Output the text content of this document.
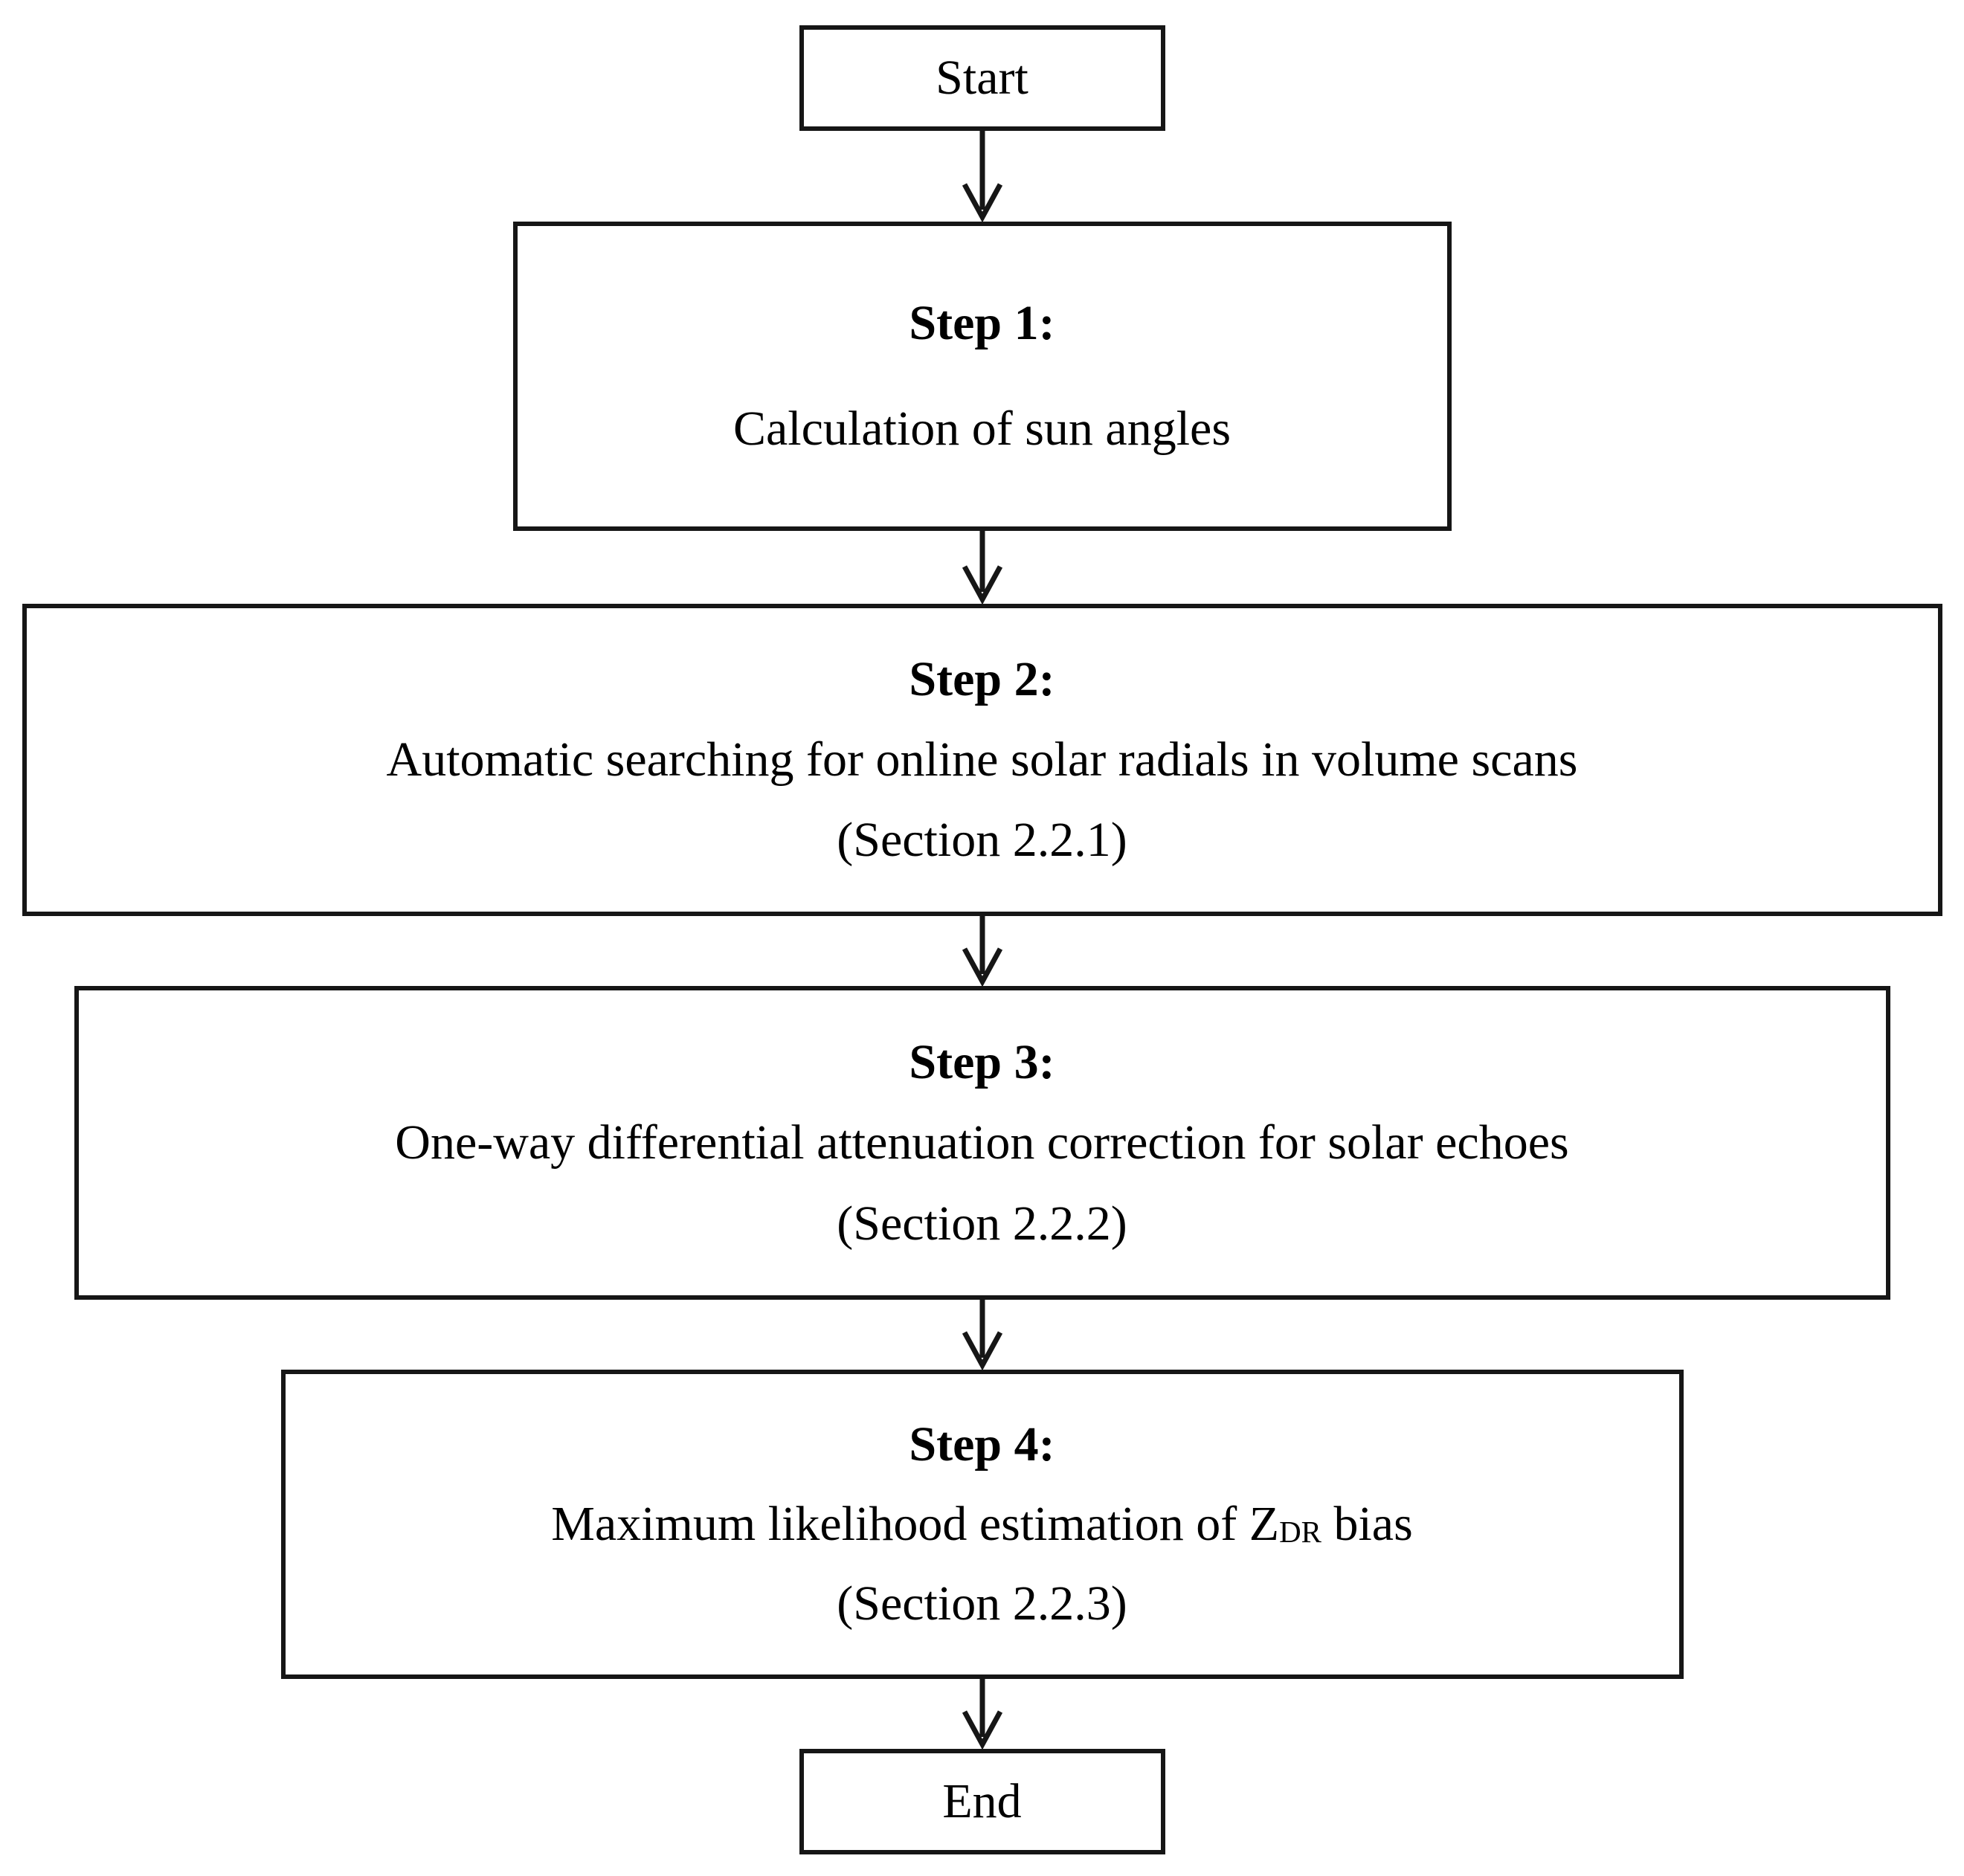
Start
Step 1:
Calculation of sun angles
Step 2:
Automatic searching for online solar radials in volume scans
(Section 2.2.1)
Step 3:
One-way differential attenuation correction for solar echoes
(Section 2.2.2)
Step 4:
Maximum likelihood estimation of ZDR bias
(Section 2.2.3)
End
